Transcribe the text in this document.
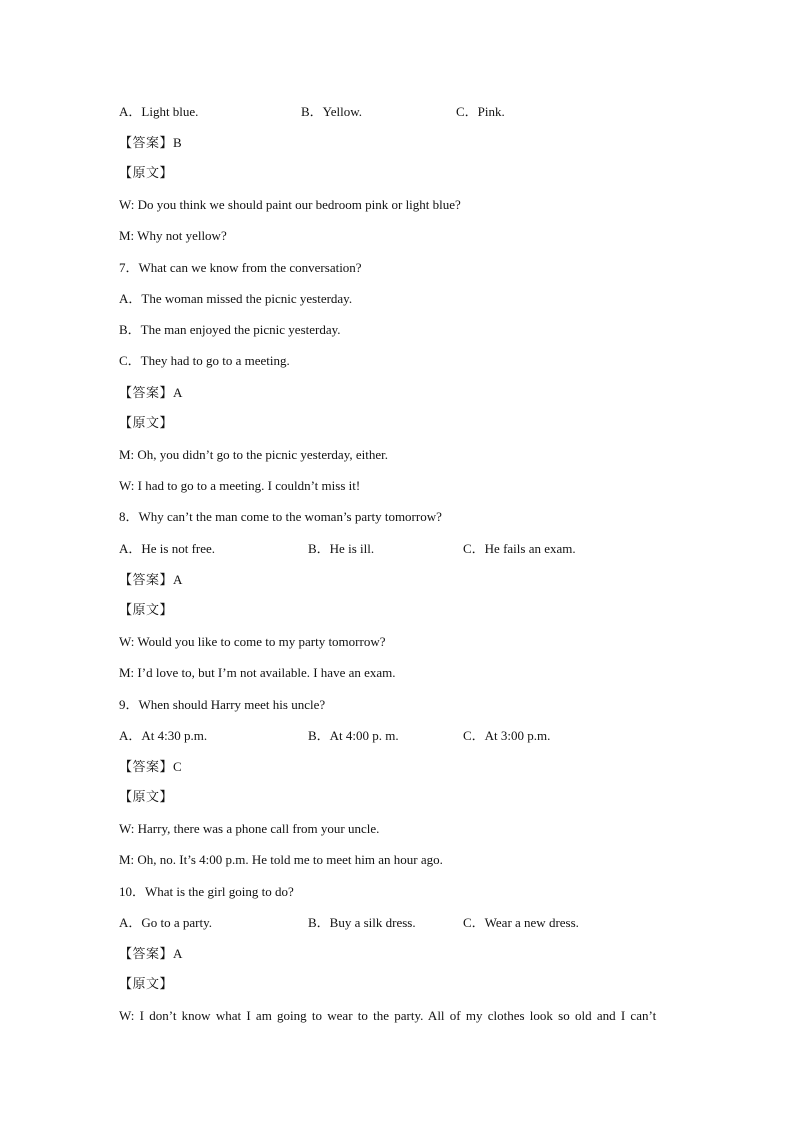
A．Light blue.	B．Yellow.	C．Pink.
【答案】B
【原文】
W: Do you think we should paint our bedroom pink or light blue?
M: Why not yellow?
7．What can we know from the conversation?
A．The woman missed the picnic yesterday.
B．The man enjoyed the picnic yesterday.
C．They had to go to a meeting.
【答案】A
【原文】
M: Oh, you didn’t go to the picnic yesterday, either.
W: I had to go to a meeting. I couldn’t miss it!
8．Why can’t the man come to the woman’s party tomorrow?
A．He is not free.	B．He is ill.	C．He fails an exam.
【答案】A
【原文】
W: Would you like to come to my party tomorrow?
M: I’d love to, but I’m not available. I have an exam.
9．When should Harry meet his uncle?
A．At 4:30 p.m.	B．At 4:00 p. m.	C．At 3:00 p.m.
【答案】C
【原文】
W: Harry, there was a phone call from your uncle.
M: Oh, no. It’s 4:00 p.m. He told me to meet him an hour ago.
10．What is the girl going to do?
A．Go to a party.	B．Buy a silk dress.	C．Wear a new dress.
【答案】A
【原文】
W: I don’t know what I am going to wear to the party. All of my clothes look so old and I can’t
